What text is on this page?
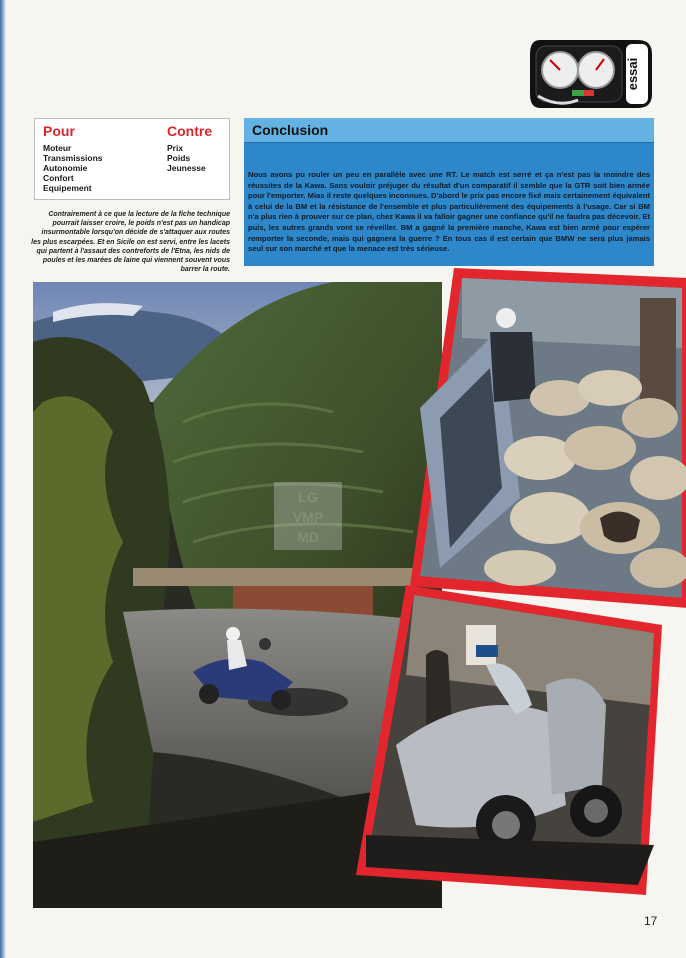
essai
Pour
Moteur
Transmissions
Autonomie
Confort
Equipement
Contre
Prix
Poids
Jeunesse
Contrairement à ce que la lecture de la fiche technique pourrait laisser croire, le poids n'est pas un handicap insurmontable lorsqu'on décide de s'attaquer aux routes les plus escarpées. Et en Sicile on est servi, entre les lacets qui partent à l'assaut des contreforts de l'Etna, les nids de poules et les marées de laine qui viennent souvent vous barrer la route.
Conclusion
Nous avons pu rouler un peu en parallèle avec une RT. Le match est serré et ça n'est pas la moindre des réussites de la Kawa. Sans vouloir préjuger du résultat d'un comparatif il semble que la GTR soit bien armée pour l'emporter. Mias il reste quelques inconnues. D'abord le prix pas encore fixé mais certainement équivalent à celui de la BM et la résistance de l'ensemble et plus particulièrement des équipements à l'usage. Car si BM n'a plus rien à prouver sur ce plan, chez Kawa il va falloir gagner une confiance qu'il ne faudra pas décevoir. Et puis, les autres grands vont se réveiller. BM a gagné la première manche, Kawa est bien armé pour espérer remporter la seconde, mais qui gagnera la guerre ? En tous cas il est certain que BMW ne sera plus jamais seul sur son marché et que la menace est très sérieuse.
LG
VMP
MD
17
